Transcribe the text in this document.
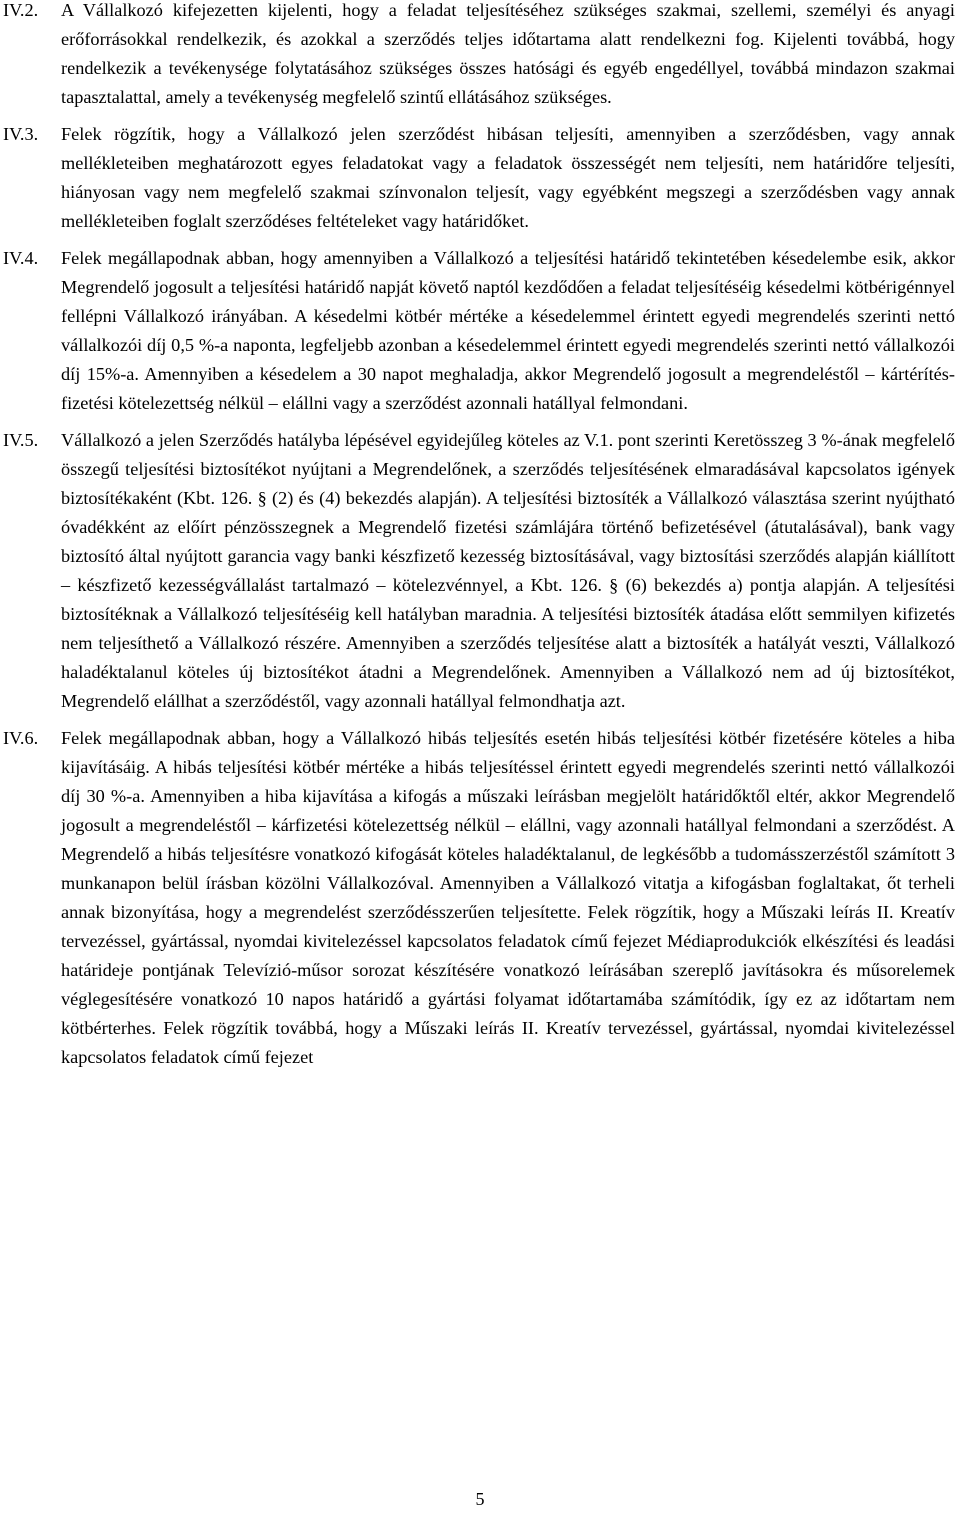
IV.2.	A Vállalkozó kifejezetten kijelenti, hogy a feladat teljesítéséhez szükséges szakmai, szellemi, személyi és anyagi erőforrásokkal rendelkezik, és azokkal a szerződés teljes időtartama alatt rendelkezni fog. Kijelenti továbbá, hogy rendelkezik a tevékenysége folytatásához szükséges összes hatósági és egyéb engedéllyel, továbbá mindazon szakmai tapasztalattal, amely a tevékenység megfelelő szintű ellátásához szükséges.

IV.3.	Felek rögzítik, hogy a Vállalkozó jelen szerződést hibásan teljesíti, amennyiben a szerződésben, vagy annak mellékleteiben meghatározott egyes feladatokat vagy a feladatok összességét nem teljesíti, nem határidőre teljesíti, hiányosan vagy nem megfelelő szakmai színvonalon teljesít, vagy egyébként megszegi a szerződésben vagy annak mellékleteiben foglalt szerződéses feltételeket vagy határidőket.

IV.4.	Felek megállapodnak abban, hogy amennyiben a Vállalkozó a teljesítési határidő tekintetében késedelembe esik, akkor Megrendelő jogosult a teljesítési határidő napját követő naptól kezdődően a feladat teljesítéséig késedelmi kötbérigénnyel fellépni Vállalkozó irányában. A késedelmi kötbér mértéke a késedelemmel érintett egyedi megrendelés szerinti nettó vállalkozói díj 0,5 %-a naponta, legfeljebb azonban a késedelemmel érintett egyedi megrendelés szerinti nettó vállalkozói díj 15%-a. Amennyiben a késedelem a 30 napot meghaladja, akkor Megrendelő jogosult a megrendeléstől – kártérítés-fizetési kötelezettség nélkül – elállni vagy a szerződést azonnali hatállyal felmondani.

IV.5.	Vállalkozó a jelen Szerződés hatályba lépésével egyidejűleg köteles az V.1. pont szerinti Keretösszeg 3 %-ának megfelelő összegű teljesítési biztosítékot nyújtani a Megrendelőnek, a szerződés teljesítésének elmaradásával kapcsolatos igények biztosítékaként (Kbt. 126. § (2) és (4) bekezdés alapján). A teljesítési biztosíték a Vállalkozó választása szerint nyújtható óvadékként az előírt pénzösszegnek a Megrendelő fizetési számlájára történő befizetésével (átutalásával), bank vagy biztosító által nyújtott garancia vagy banki készfizető kezesség biztosításával, vagy biztosítási szerződés alapján kiállított – készfizető kezességvállalást tartalmazó – kötelezvénnyel, a Kbt. 126. § (6) bekezdés a) pontja alapján. A teljesítési biztosítéknak a Vállalkozó teljesítéséig kell hatályban maradnia. A teljesítési biztosíték átadása előtt semmilyen kifizetés nem teljesíthető a Vállalkozó részére. Amennyiben a szerződés teljesítése alatt a biztosíték a hatályát veszti, Vállalkozó haladéktalanul köteles új biztosítékot átadni a Megrendelőnek. Amennyiben a Vállalkozó nem ad új biztosítékot, Megrendelő elállhat a szerződéstől, vagy azonnali hatállyal felmondhatja azt.

IV.6.	Felek megállapodnak abban, hogy a Vállalkozó hibás teljesítés esetén hibás teljesítési kötbér fizetésére köteles a hiba kijavításáig. A hibás teljesítési kötbér mértéke a hibás teljesítéssel érintett egyedi megrendelés szerinti nettó vállalkozói díj 30 %-a. Amennyiben a hiba kijavítása a kifogás a műszaki leírásban megjelölt határidőktől eltér, akkor Megrendelő jogosult a megrendeléstől – kárfizetési kötelezettség nélkül – elállni, vagy azonnali hatállyal felmondani a szerződést. A Megrendelő a hibás teljesítésre vonatkozó kifogását köteles haladéktalanul, de legkésőbb a tudomásszerzéstől számított 3 munkanapon belül írásban közölni Vállalkozóval. Amennyiben a Vállalkozó vitatja a kifogásban foglaltakat, őt terheli annak bizonyítása, hogy a megrendelést szerződésszerűen teljesítette. Felek rögzítik, hogy a Műszaki leírás II. Kreatív tervezéssel, gyártással, nyomdai kivitelezéssel kapcsolatos feladatok című fejezet Médiaprodukciók elkészítési és leadási határideje pontjának Televízió-műsor sorozat készítésére vonatkozó leírásában szereplő javításokra és műsorelemek véglegesítésére vonatkozó 10 napos határidő a gyártási folyamat időtartamába számítódik, így ez az időtartam nem kötbérterhes. Felek rögzítik továbbá, hogy a Műszaki leírás II. Kreatív tervezéssel, gyártással, nyomdai kivitelezéssel kapcsolatos feladatok című fejezet

5
